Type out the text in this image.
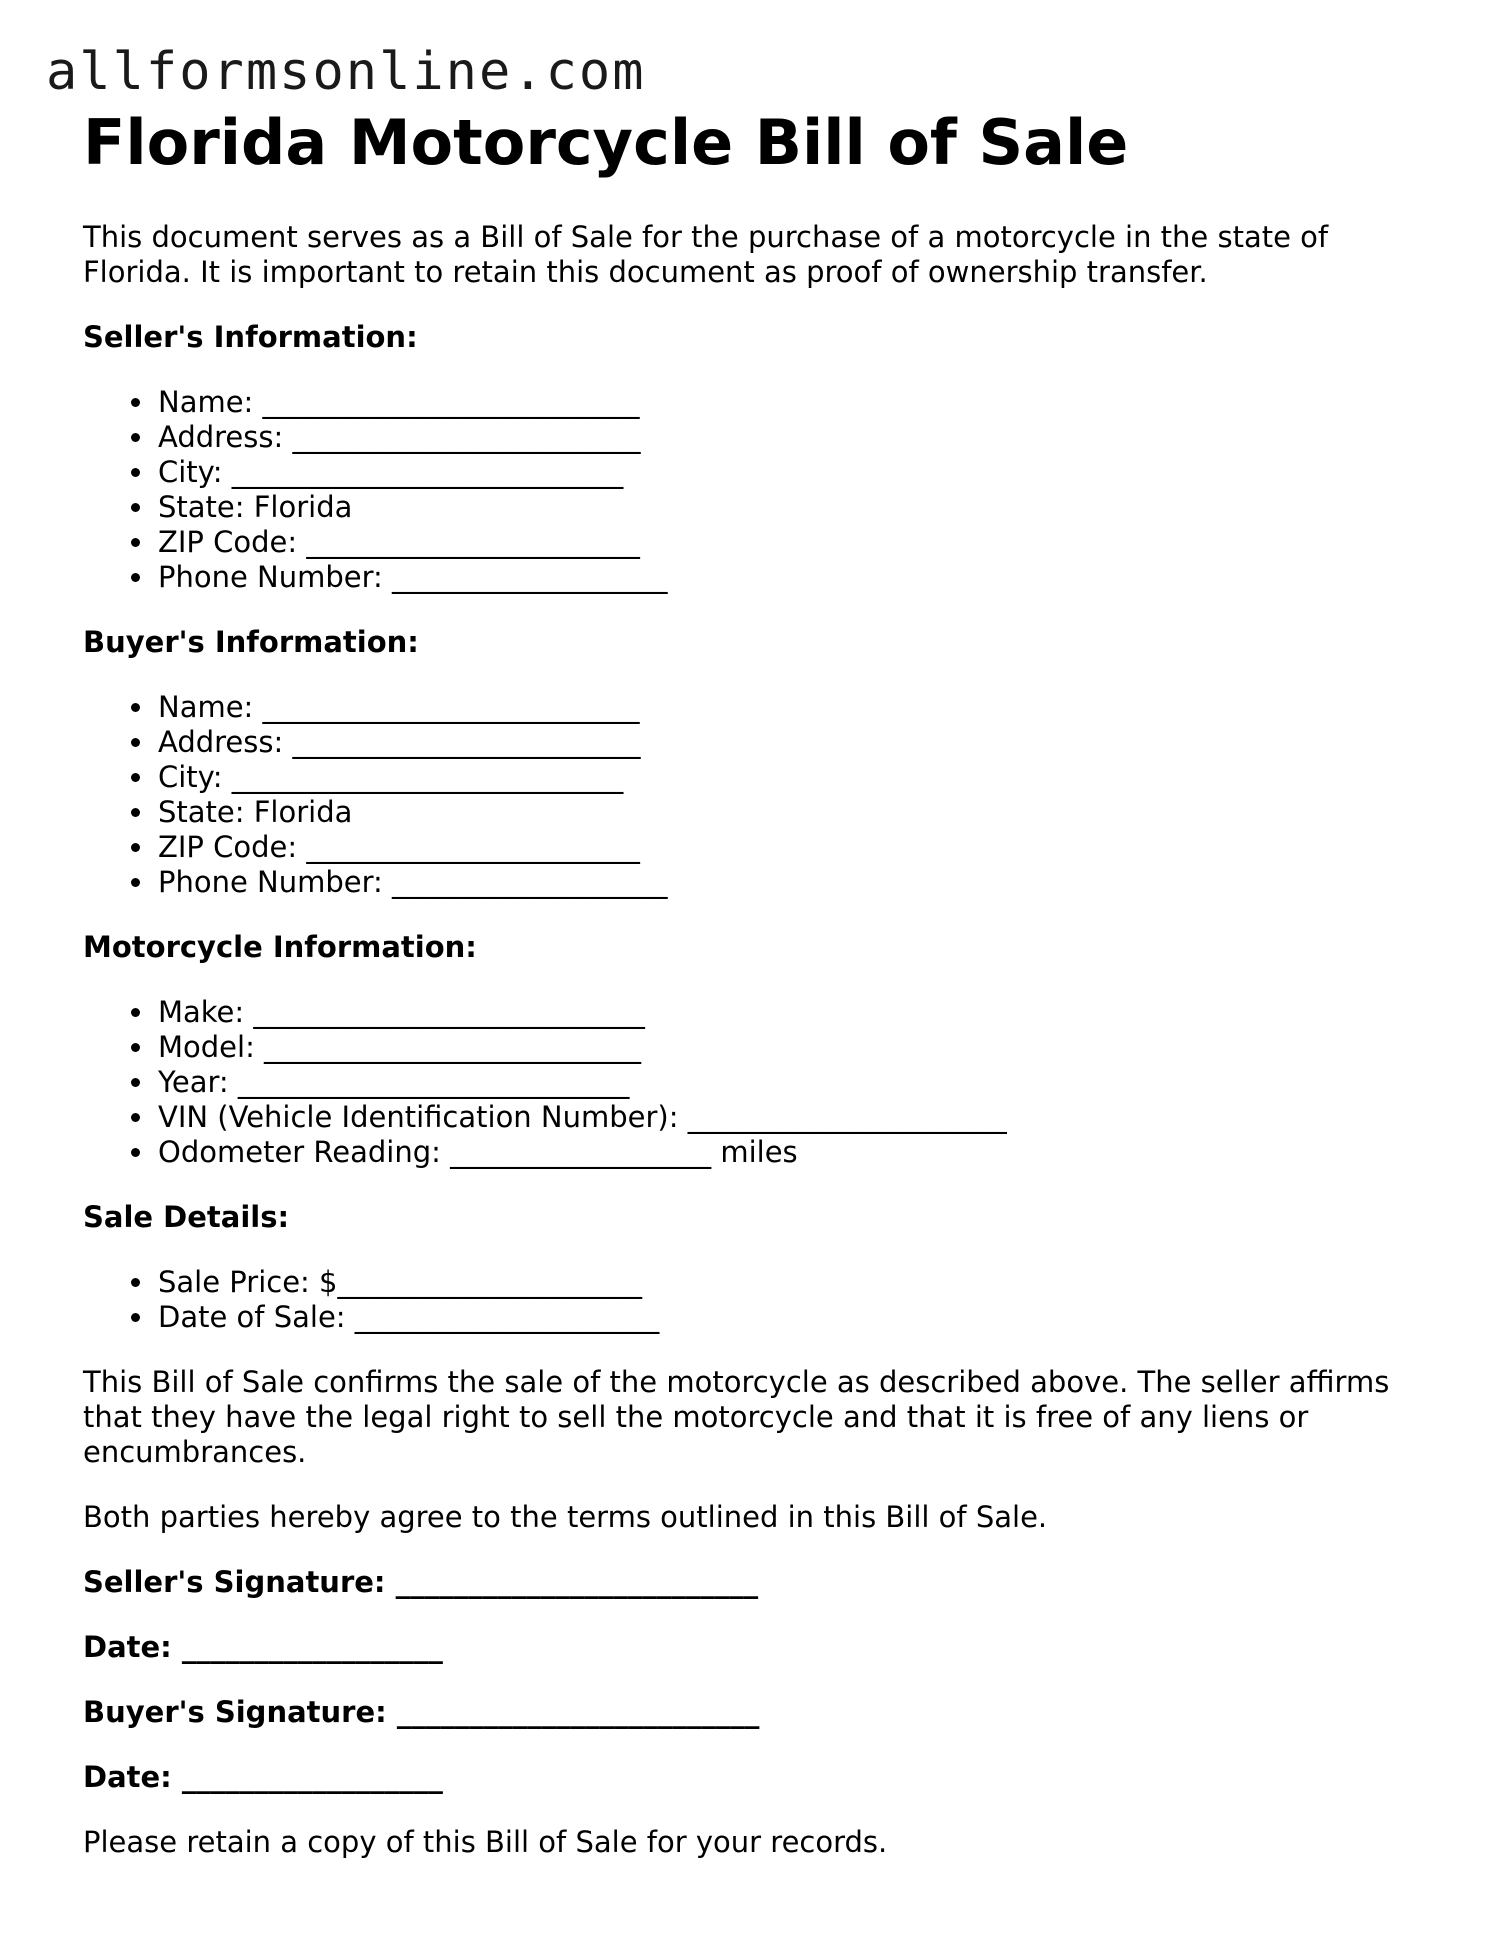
allformsonline.com
Florida Motorcycle Bill of Sale

This document serves as a Bill of Sale for the purchase of a motorcycle in the state of Florida. It is important to retain this document as proof of ownership transfer.

Seller's Information:
• Name: __________________________
• Address: ________________________
• City: ___________________________
• State: Florida
• ZIP Code: _______________________
• Phone Number: ___________________
Buyer's Information:
• Name: __________________________
• Address: ________________________
• City: ___________________________
• State: Florida
• ZIP Code: _______________________
• Phone Number: ___________________
Motorcycle Information:
• Make: ___________________________
• Model: __________________________
• Year: ___________________________
• VIN (Vehicle Identification Number): ______________________
• Odometer Reading: __________________ miles
Sale Details:
• Sale Price: $_____________________
• Date of Sale: _____________________

This Bill of Sale confirms the sale of the motorcycle as described above. The seller affirms that they have the legal right to sell the motorcycle and that it is free of any liens or encumbrances.

Both parties hereby agree to the terms outlined in this Bill of Sale.

Seller's Signature: _________________________
Date: __________________
Buyer's Signature: _________________________
Date: __________________

Please retain a copy of this Bill of Sale for your records.
